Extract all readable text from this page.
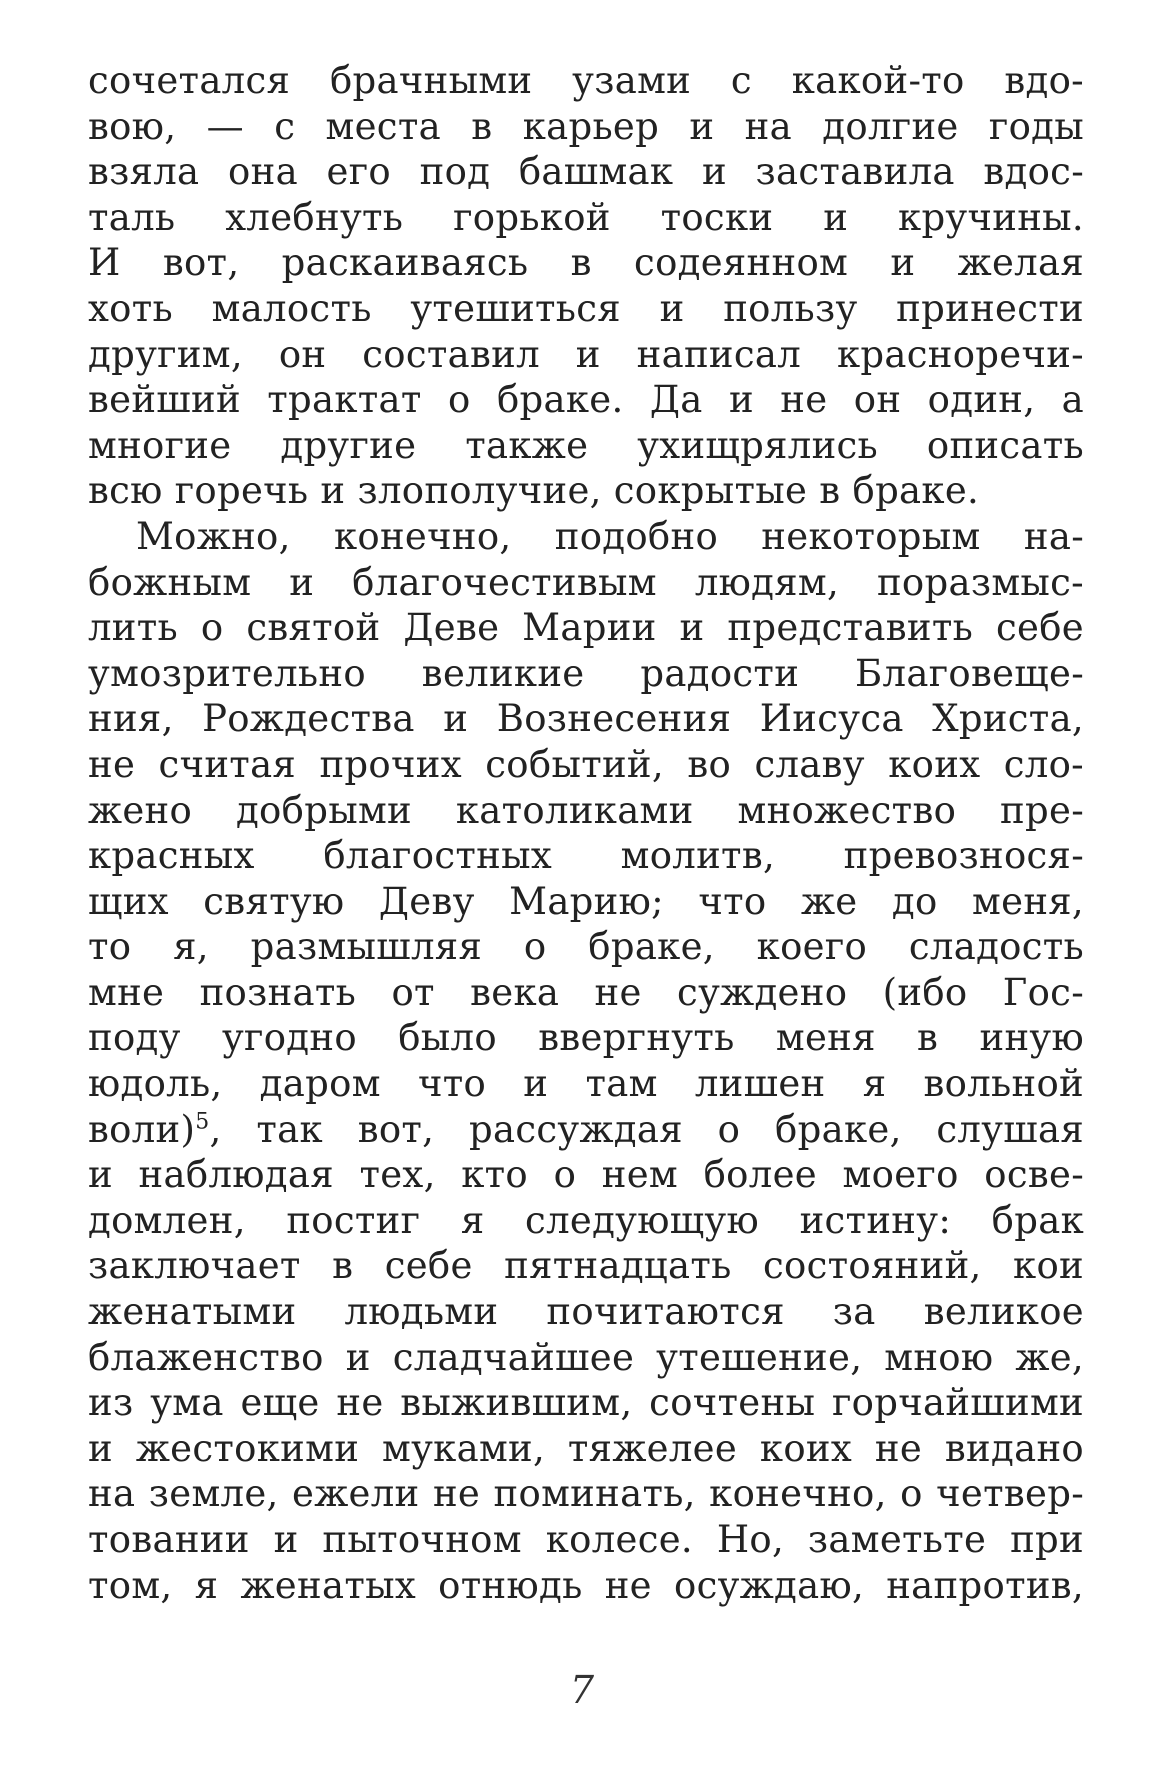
сочетался брачными узами с какой-то вдо-
вою, — с места в карьер и на долгие годы
взяла она его под башмак и заставила вдос-
таль хлебнуть горькой тоски и кручины.
И вот, раскаиваясь в содеянном и желая
хоть малость утешиться и пользу принести
другим, он составил и написал красноречи-
вейший трактат о браке. Да и не он один, а
многие другие также ухищрялись описать
всю горечь и злополучие, сокрытые в браке.
Можно, конечно, подобно некоторым на-
божным и благочестивым людям, поразмыс-
лить о святой Деве Марии и представить себе
умозрительно великие радости Благовеще-
ния, Рождества и Вознесения Иисуса Христа,
не считая прочих событий, во славу коих сло-
жено добрыми католиками множество пре-
красных благостных молитв, превознося-
щих святую Деву Марию; что же до меня,
то я, размышляя о браке, коего сладость
мне познать от века не суждено (ибо Гос-
поду угодно было ввергнуть меня в иную
юдоль, даром что и там лишен я вольной
воли)$^5$, так вот, рассуждая о браке, слушая
и наблюдая тех, кто о нем более моего осве-
домлен, постиг я следующую истину: брак
заключает в себе пятнадцать состояний, кои
женатыми людьми почитаются за великое
блаженство и сладчайшее утешение, мною же,
из ума еще не выжившим, сочтены горчайшими
и жестокими муками, тяжелее коих не видано
на земле, ежели не поминать, конечно, о четвер-
товании и пыточном колесе. Но, заметьте при
том, я женатых отнюдь не осуждаю, напротив,
7
